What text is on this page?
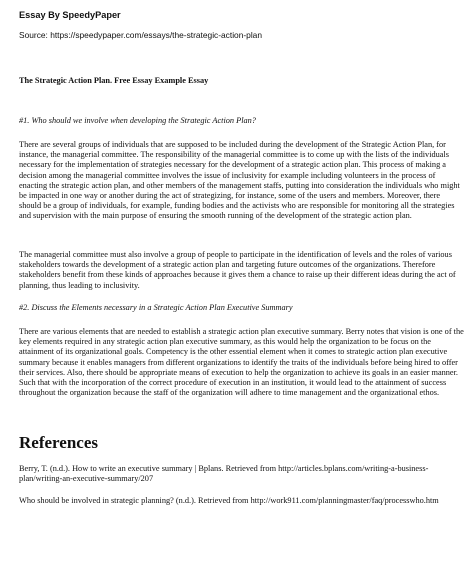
Essay By SpeedyPaper

Source: https://speedypaper.com/essays/the-strategic-action-plan

The Strategic Action Plan. Free Essay Example Essay

#1. Who should we involve when developing the Strategic Action Plan?

There are several groups of individuals that are supposed to be included during the development of the Strategic Action Plan, for instance, the managerial committee. The responsibility of the managerial committee is to come up with the lists of the individuals necessary for the implementation of strategies necessary for the development of a strategic action plan. This process of making a decision among the managerial committee involves the issue of inclusivity for example including volunteers in the process of enacting the strategic action plan, and other members of the management staffs, putting into consideration the individuals who might be impacted in one way or another during the act of strategizing, for instance, some of the users and members. Moreover, there should be a group of individuals, for example, funding bodies and the activists who are responsible for monitoring all the strategies and supervision with the main purpose of ensuring the smooth running of the development of the strategic action plan.

The managerial committee must also involve a group of people to participate in the identification of levels and the roles of various stakeholders towards the development of a strategic action plan and targeting future outcomes of the organizations. Therefore stakeholders benefit from these kinds of approaches because it gives them a chance to raise up their different ideas during the act of planning, thus leading to inclusivity.

#2. Discuss the Elements necessary in a Strategic Action Plan Executive Summary

There are various elements that are needed to establish a strategic action plan executive summary. Berry notes that vision is one of the key elements required in any strategic action plan executive summary, as this would help the organization to be focus on the attainment of its organizational goals. Competency is the other essential element when it comes to strategic action plan executive summary because it enables managers from different organizations to identify the traits of the individuals before being hired to offer their services. Also, there should be appropriate means of execution to help the organization to achieve its goals in an easier manner. Such that with the incorporation of the correct procedure of execution in an institution, it would lead to the attainment of success throughout the organization because the staff of the organization will adhere to time management and the organizational ethos.

References

Berry, T. (n.d.). How to write an executive summary | Bplans. Retrieved from http://articles.bplans.com/writing-a-business-plan/writing-an-executive-summary/207

Who should be involved in strategic planning? (n.d.). Retrieved from http://work911.com/planningmaster/faq/processwho.htm
